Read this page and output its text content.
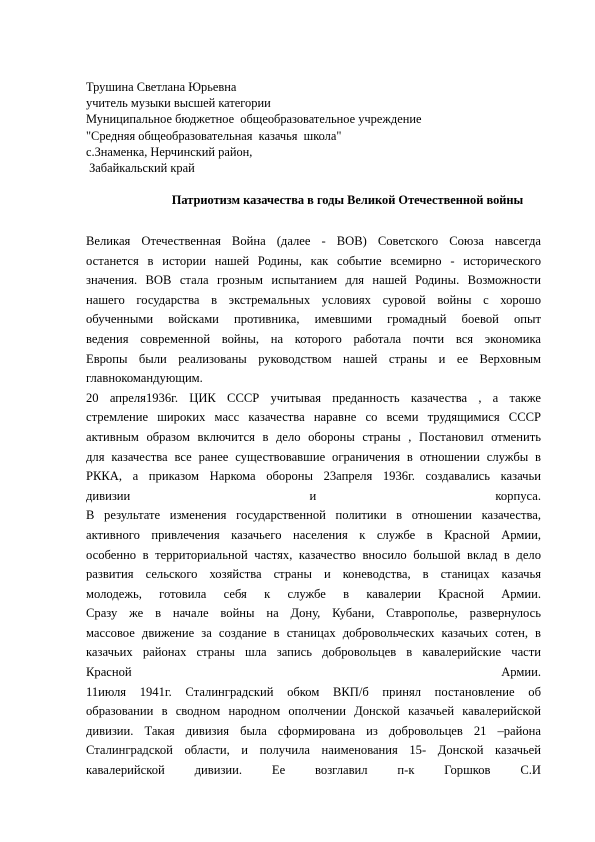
Трушина Светлана Юрьевна
учитель музыки высшей категории
Муниципальное бюджетное  общеобразовательное учреждение
"Средняя общеобразовательная  казачья  школа"
с.Знаменка, Нерчинский район,
Забайкальский край
Патриотизм казачества в годы Великой Отечественной войны
Великая Отечественная Война (далее - ВОВ) Советского Союза навсегда
останется в истории нашей Родины, как событие всемирно - исторического
значения. ВОВ стала грозным испытанием для нашей Родины. Возможности
нашего государства в экстремальных условиях суровой войны с хорошо
обученными войсками противника, имевшими громадный боевой опыт
ведения современной войны, на которого работала почти вся экономика
Европы были реализованы руководством нашей страны и ее Верховным
главнокомандующим.
20 апреля1936г. ЦИК СССР учитывая преданность казачества , а также
стремление широких масс казачества наравне со всеми трудящимися СССР
активным образом включится в дело обороны страны , Постановил отменить
для казачества все ранее существовавшие ограничения в отношении службы в
РККА, а приказом Наркома обороны 23апреля 1936г. создавались казачьи
дивизии и корпуса.
В результате изменения государственной политики в отношении казачества,
активного привлечения казачьего населения к службе в Красной Армии,
особенно в территориальной частях, казачество вносило большой вклад в дело
развития сельского хозяйства страны и коневодства, в станицах казачья
молодежь, готовила себя к службе в кавалерии Красной Армии.
Сразу же в начале войны на Дону, Кубани, Ставрополье, развернулось
массовое движение за создание в станицах добровольческих казачьих сотен, в
казачьих районах страны шла запись добровольцев в кавалерийские части
Красной Армии.
11июля 1941г. Сталинградский обком ВКП/б принял постановление об
образовании в сводном народном ополчении Донской казачьей кавалерийской
дивизии. Такая дивизия была сформирована из добровольцев 21 –района
Сталинградской области, и получила наименования 15- Донской казачьей
кавалерийской дивизии. Ее возглавил п-к Горшков С.И
